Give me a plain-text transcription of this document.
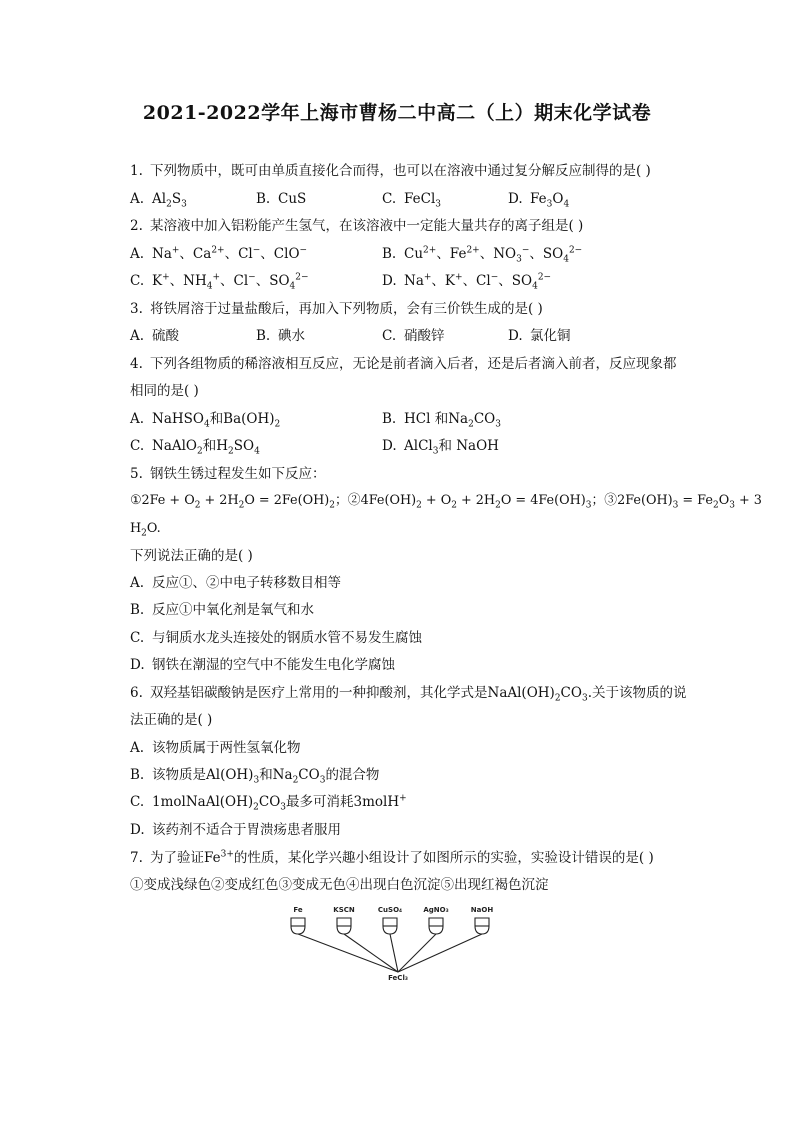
2021-2022学年上海市曹杨二中高二（上）期末化学试卷
1. 下列物质中，既可由单质直接化合而得，也可以在溶液中通过复分解反应制得的是( )
A. $Al_2S_3$	B. CuS	C. FeCl$_3$	D. $Fe_3O_4$
2. 某溶液中加入铝粉能产生氢气，在该溶液中一定能大量共存的离子组是( )
A. Na+、$Ca^{2+}$、Cl−、ClO−	B. $Cu^{2+}$、$Fe^{2+}$、$NO_3^-$、$SO_4^{2-}$
C. K+、$NH_4^+$、Cl−、$SO_4^{2-}$	D. Na+、K+、Cl−、$SO_4^{2-}$
3. 将铁屑溶于过量盐酸后，再加入下列物质，会有三价铁生成的是( )
A. 硫酸	B. 碘水	C. 硝酸锌	D. 氯化铜
4. 下列各组物质的稀溶液相互反应，无论是前者滴入后者，还是后者滴入前者，反应现象都
相同的是( )
A. NaHSO$_4$和$Ba(OH)_2$	B. HCl 和$Na_2CO_3$
C. NaAlO$_2$和$H_2SO_4$	D. AlCl$_3$和 NaOH
5. 钢铁生锈过程发生如下反应：
①2Fe + $O_2 + 2H_2O = 2Fe(OH)_2$；$②4Fe(OH)_2 + O_2 + 2H_2O = 4Fe(OH)_3$；$③2Fe(OH)_3 = Fe_2O_3 + 3$
$H_2O$.
下列说法正确的是( )
A. 反应①、②中电子转移数目相等
B. 反应①中氧化剂是氧气和水
C. 与铜质水龙头连接处的钢质水管不易发生腐蚀
D. 钢铁在潮湿的空气中不能发生电化学腐蚀
6. 双羟基铝碳酸钠是医疗上常用的一种抑酸剂，其化学式是$NaAl(OH)_2CO_3$.关于该物质的说
法正确的是( )
A. 该物质属于两性氢氧化物
B. 该物质是$Al(OH)_3$和$Na_2CO_3$的混合物
C. $1molNaAl(OH)_2CO_3$最多可消耗3molH+
D. 该药剂不适合于胃溃疡患者服用
7. 为了验证$Fe^{3+}$的性质，某化学兴趣小组设计了如图所示的实验，实验设计错误的是( )
①变成浅绿色②变成红色③变成无色④出现白色沉淀⑤出现红褐色沉淀
Fe	KSCN	CuSO₄	AgNO₃	NaOH
FeCl₃
